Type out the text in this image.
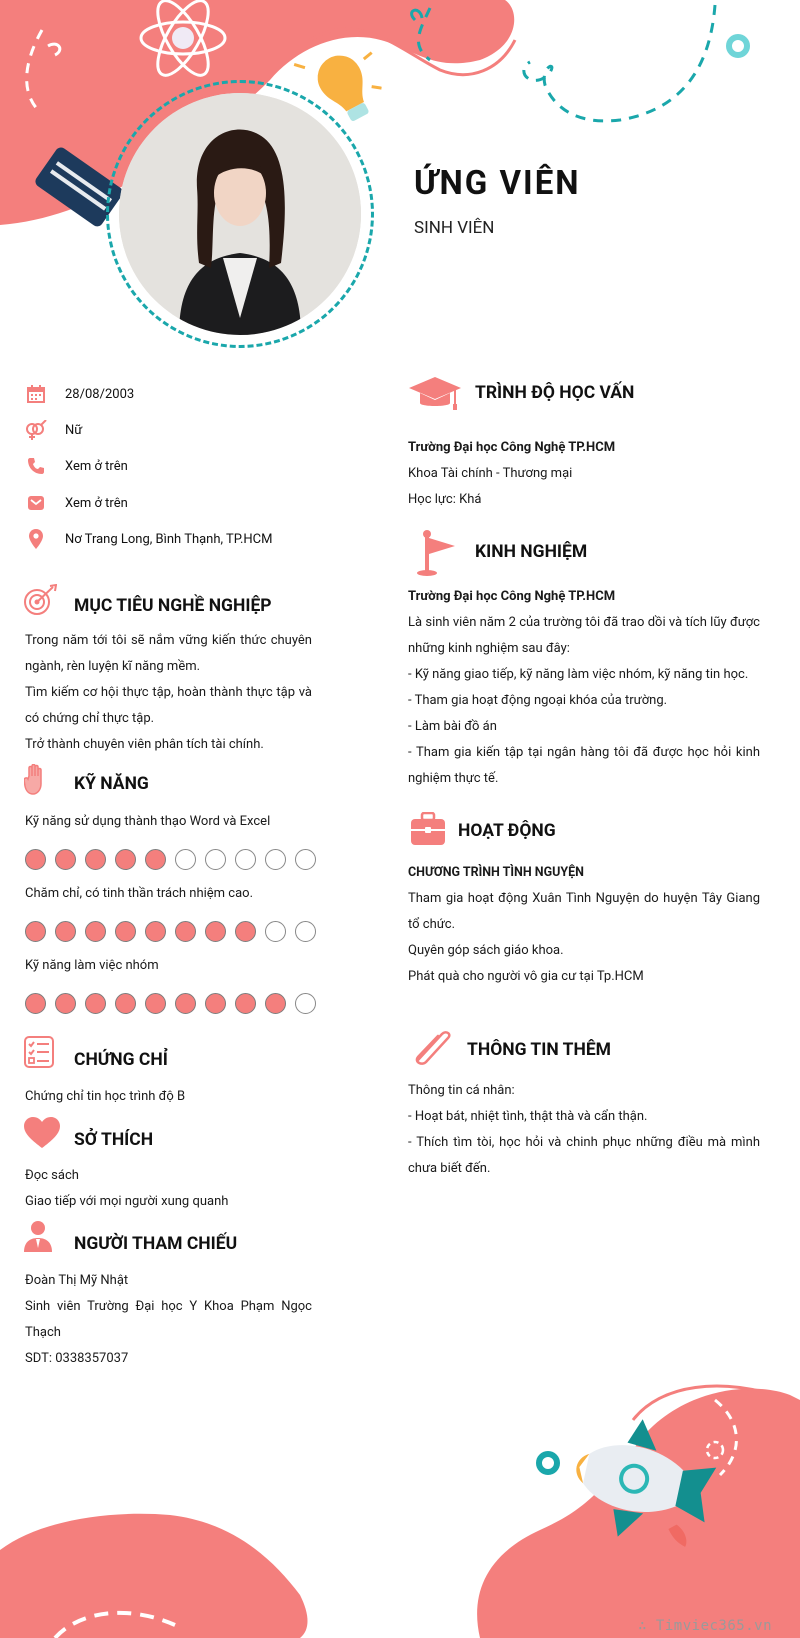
ỨNG VIÊN
SINH VIÊN
28/08/2003
Nữ
Xem ở trên
Xem ở trên
Nơ Trang Long, Bình Thạnh, TP.HCM
MỤC TIÊU NGHỀ NGHIỆP

Trong năm tới tôi sẽ nắm vững kiến thức chuyên ngành, rèn luyện kĩ năng mềm.

Tìm kiếm cơ hội thực tập, hoàn thành thực tập và có chứng chỉ thực tập.

Trở thành chuyên viên phân tích tài chính.

KỸ NĂNG
Kỹ năng sử dụng thành thạo Word và Excel
Chăm chỉ, có tinh thần trách nhiệm cao.
Kỹ năng làm việc nhóm
CHỨNG CHỈ
Chứng chỉ tin học trình độ B
SỞ THÍCH

Đọc sách

Giao tiếp với mọi người xung quanh

NGƯỜI THAM CHIẾU

Đoàn Thị Mỹ Nhật

Sinh viên Trường Đại học Y Khoa Phạm Ngọc Thạch

SDT: 0338357037

TRÌNH ĐỘ HỌC VẤN

Trường Đại học Công Nghệ TP.HCM

Khoa Tài chính - Thương mại

Học lực: Khá

KINH NGHIỆM

Trường Đại học Công Nghệ TP.HCM

Là sinh viên năm 2 của trường tôi đã trao dồi và tích lũy được những kinh nghiệm sau đây:

- Kỹ năng giao tiếp, kỹ năng làm việc nhóm, kỹ năng tin học.

- Tham gia hoạt động ngoại khóa của trường.

- Làm bài đồ án

- Tham gia kiến tập tại ngân hàng tôi đã được học hỏi kinh nghiệm thực tế.

HOẠT ĐỘNG

CHƯƠNG TRÌNH TÌNH NGUYỆN

Tham gia hoạt động Xuân Tình Nguyện do huyện Tây Giang tổ chức.

Quyên góp sách giáo khoa.

Phát quà cho người vô gia cư tại Tp.HCM

THÔNG TIN THÊM

Thông tin cá nhân:

- Hoạt bát, nhiệt tình, thật thà và cẩn thận.

- Thích tìm tòi, học hỏi và chinh phục những điều mà mình chưa biết đến.

∴ Timviec365.vn
